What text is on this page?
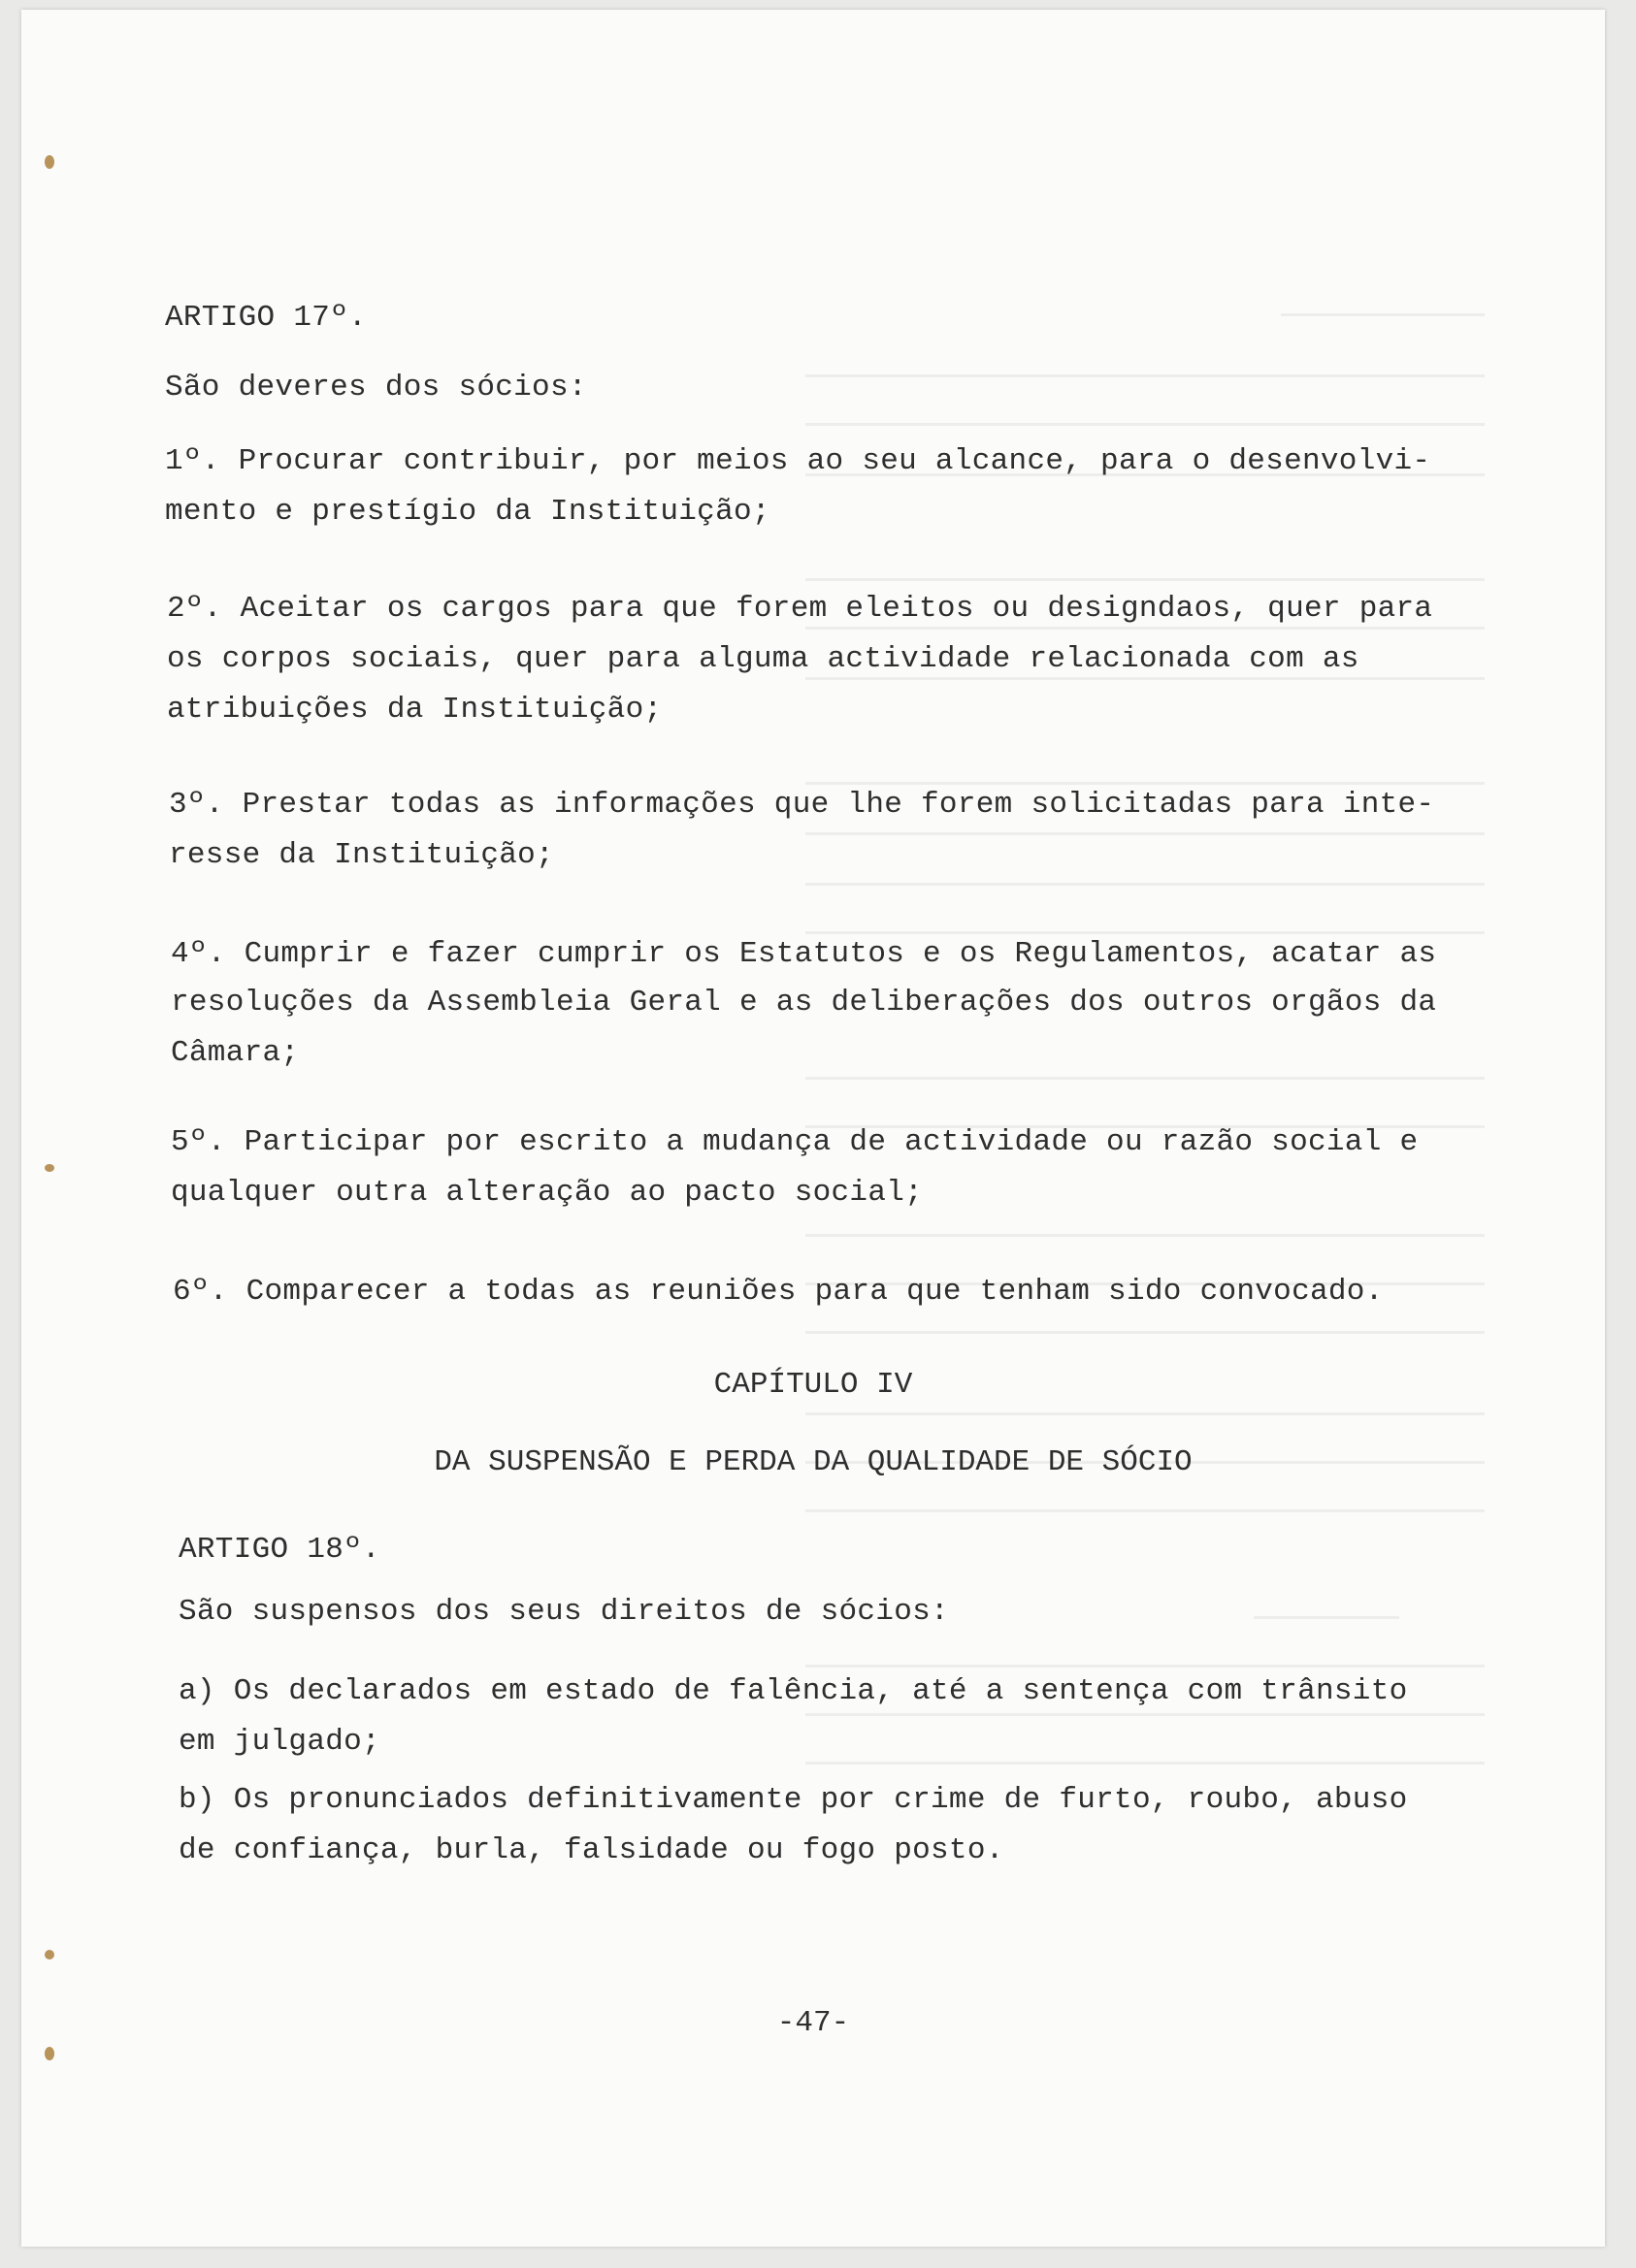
ARTIGO 17º.
São deveres dos sócios:
1º. Procurar contribuir, por meios ao seu alcance, para o desenvolvi-
mento e prestígio da Instituição;
2º. Aceitar os cargos para que forem eleitos ou designdaos, quer para
os corpos sociais, quer para alguma actividade relacionada com as
atribuições da Instituição;
3º. Prestar todas as informações que lhe forem solicitadas para inte-
resse da Instituição;
4º. Cumprir e fazer cumprir os Estatutos e os Regulamentos, acatar as
resoluções da Assembleia Geral e as deliberações dos outros orgãos da
Câmara;
5º. Participar por escrito a mudança de actividade ou razão social e
qualquer outra alteração ao pacto social;
6º. Comparecer a todas as reuniões para que tenham sido convocado.
CAPÍTULO IV
DA SUSPENSÃO E PERDA DA QUALIDADE DE SÓCIO
ARTIGO 18º.
São suspensos dos seus direitos de sócios:
a) Os declarados em estado de falência, até a sentença com trânsito
em julgado;
b) Os pronunciados definitivamente por crime de furto, roubo, abuso
de confiança, burla, falsidade ou fogo posto.
-47-
